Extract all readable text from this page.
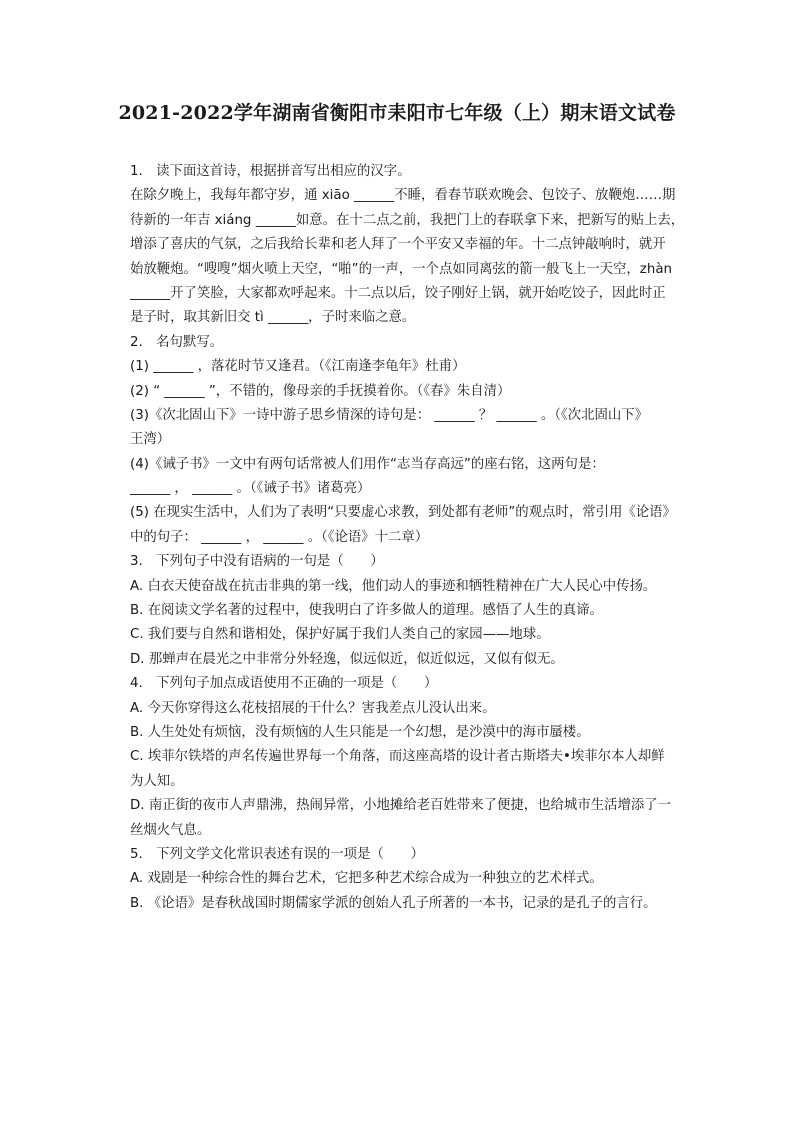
2021-2022学年湖南省衡阳市耒阳市七年级（上）期末语文试卷
1.　读下面这首诗，根据拼音写出相应的汉字。
在除夕晚上，我每年都守岁，通 xiāo ______不睡，看春节联欢晚会、包饺子、放鞭炮……期
待新的一年吉 xiáng ______如意。在十二点之前，我把门上的春联拿下来，把新写的贴上去，
增添了喜庆的气氛，之后我给长辈和老人拜了一个平安又幸福的年。十二点钟敲响时，就开
始放鞭炮。“嗖嗖”烟火喷上天空，“啪”的一声，一个点如同离弦的箭一般飞上一天空，zhàn
______开了笑脸，大家都欢呼起来。十二点以后，饺子刚好上锅，就开始吃饺子，因此时正
是子时，取其新旧交 tì ______，子时来临之意。
2.　名句默写。
(1) ______ ，落花时节又逢君。（《江南逢李龟年》杜甫）
(2) “ ______ ”，不错的，像母亲的手抚摸着你。（《春》朱自清）
(3)《次北固山下》一诗中游子思乡情深的诗句是： ______ ？ ______ 。（《次北固山下》
王湾）
(4)《诫子书》一文中有两句话常被人们用作“志当存高远”的座右铭，这两句是：
______ ， ______ 。（《诫子书》诸葛亮）
(5) 在现实生活中，人们为了表明“只要虚心求教，到处都有老师”的观点时，常引用《论语》
中的句子： ______ ， ______ 。（《论语》十二章）
3.　下列句子中没有语病的一句是（　　）
A. 白衣天使奋战在抗击非典的第一线，他们动人的事迹和牺牲精神在广大人民心中传扬。
B. 在阅读文学名著的过程中，使我明白了许多做人的道理。感悟了人生的真谛。
C. 我们要与自然和谐相处，保护好属于我们人类自己的家园——地球。
D. 那蝉声在晨光之中非常分外轻逸，似远似近，似近似远，又似有似无。
4.　下列句子加点成语使用不正确的一项是（　　）
A. 今天你穿得这么花枝招展的干什么？害我差点儿没认出来。
B. 人生处处有烦恼，没有烦恼的人生只能是一个幻想，是沙漠中的海市蜃楼。
C. 埃菲尔铁塔的声名传遍世界每一个角落，而这座高塔的设计者古斯塔夫•埃菲尔本人却鲜
为人知。
D. 南正街的夜市人声鼎沸，热闹异常，小地摊给老百姓带来了便捷，也给城市生活增添了一
丝烟火气息。
5.　下列文学文化常识表述有误的一项是（　　）
A. 戏剧是一种综合性的舞台艺术，它把多种艺术综合成为一种独立的艺术样式。
B. 《论语》是春秋战国时期儒家学派的创始人孔子所著的一本书，记录的是孔子的言行。
